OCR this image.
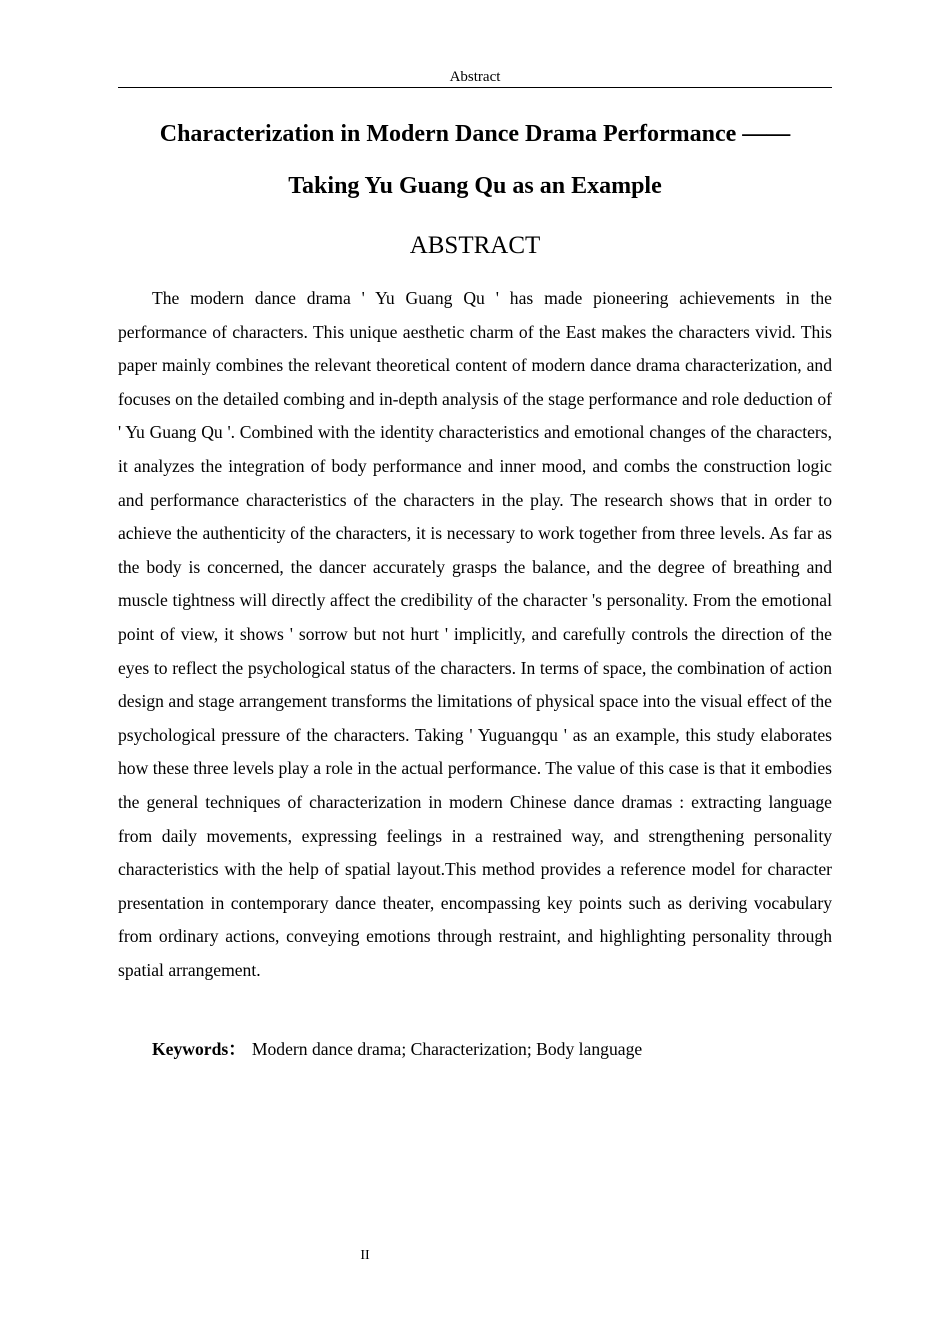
Abstract
Characterization in Modern Dance Drama Performance ——
Taking Yu Guang Qu as an Example
ABSTRACT

The modern dance drama ' Yu Guang Qu ' has made pioneering achievements in the performance of characters. This unique aesthetic charm of the East makes the characters vivid. This paper mainly combines the relevant theoretical content of modern dance drama characterization, and focuses on the detailed combing and in-depth analysis of the stage performance and role deduction of ' Yu Guang Qu '. Combined with the identity characteristics and emotional changes of the characters, it analyzes the integration of body performance and inner mood, and combs the construction logic and performance characteristics of the characters in the play. The research shows that in order to achieve the authenticity of the characters, it is necessary to work together from three levels. As far as the body is concerned, the dancer accurately grasps the balance, and the degree of breathing and muscle tightness will directly affect the credibility of the character 's personality. From the emotional point of view, it shows ' sorrow but not hurt ' implicitly, and carefully controls the direction of the eyes to reflect the psychological status of the characters. In terms of space, the combination of action design and stage arrangement transforms the limitations of physical space into the visual effect of the psychological pressure of the characters. Taking ' Yuguangqu ' as an example, this study elaborates how these three levels play a role in the actual performance. The value of this case is that it embodies the general techniques of characterization in modern Chinese dance dramas : extracting language from daily movements, expressing feelings in a restrained way, and strengthening personality characteristics with the help of spatial layout.This method provides a reference model for character presentation in contemporary dance theater, encompassing key points such as deriving vocabulary from ordinary actions, conveying emotions through restraint, and highlighting personality through spatial arrangement.

Keywords： Modern dance drama; Characterization; Body language
II
